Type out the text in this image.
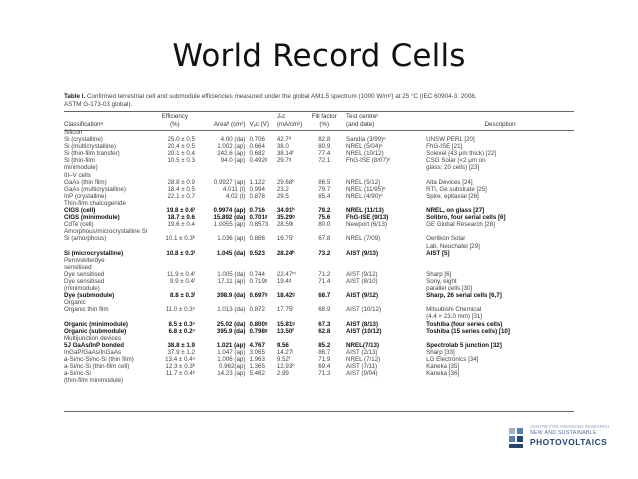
World Record Cells
Table I. Confirmed terrestrial cell and submodule efficiencies measured under the global AM1.5 spectrum (1000 W/m²) at 25 °C (IEC 60904-3: 2008, ASTM G-173-03 global).
	Efficiency			Jₛc	Fill factor	Test centreᶜ	
Classificationᵃ	(%)	Areaᵇ (cm²)	Vₒc (V)	(mA/cm²)	(%)	(and date)	Description
Silicon							
Si (crystalline)	25.0 ± 0.5	4.00 (da)	0.706	42.7ᵈ	82.8	Sandia (3/99)ᵉ	UNSW PERL [20]
Si (multicrystalline)	20.4 ± 0.5	1.002 (ap)	0.664	38.0	80.9	NREL (5/04)ᵉ	FhG-ISE [21]
Si (thin-film transfer)	20.1 ± 0.4	242.6 (ap)	0.682	38.14ᶠ	77.4	NREL (10/12)	Solexel (43 μm thick) [22]
Si (thin-film	10.5 ± 0.3	94.0 (ap)	0.492ᵍ	29.7ᵍ	72.1	FhG-ISE (8/07)ᵉ	CSG Solar (<2 μm on
minimodule)							glass; 20 cells) [23]
III–V cells							
GaAs (thin film)	28.8 ± 0.9	0.9927 (ap)	1.122	29.68ʰ	86.5	NREL (5/12)	Alta Devices [24]
GaAs (multicrystalline)	18.4 ± 0.5	4.011 (t)	0.994	23.2	79.7	NREL (11/95)ᵉ	RTI, Ge substrate [25]
InP (crystalline)	22.1 ± 0.7	4.02 (t)	0.878	29.5	85.4	NREL (4/90)ᵉ	Spire, epitaxial [26]
Thin-film chalcogenide							
CIGS (cell)	19.8 ± 0.6ⁱ	0.9974 (ap)	0.716	34.91ʰ	79.2	NREL (11/13)	NREL, on glass [27]
CIGS (minimodule)	18.7 ± 0.6	15.892 (da)	0.701ᵍ	35.29ᵍ	75.6	FhG-ISE (9/13)	Solibro, four serial cells [6]
CdTe (cell)	19.6 ± 0.4	1.0055 (ap)	0.8573	28.59ʲ	80.0	Newport (6/13)	GE Global Research [28]
Amorphous/microcrystalline Si							
Si (amorphous)	10.1 ± 0.3ᵏ	1.036 (ap)	0.886	16.75ᶠ	67.8	NREL (7/09)	Oerlikon Solar
							Lab, Neuchatel [29]
Si (microcrystalline)	10.8 ± 0.3ⁱ	1.045 (da)	0.523	28.24ʰ	73.2	AIST (9/13)	AIST [5]
Perovskite/dye							
sensitised							
Dye sensitised	11.9 ± 0.4ˡ	1.005 (da)	0.744	22.47ᵐ	71.2	AIST (9/12)	Sharp [6]
Dye sensitised	9.9 ± 0.4ˡ	17.11 (ap)	0.719ᵍ	19.4ᵍ	71.4	AIST (8/10)	Sony, eight
(minimodule)							parallel cells [30]
Dye (submodule)	8.8 ± 0.3ˡ	398.9 (da)	0.697ᵍ	18.42ᵍ	68.7	AIST (9/12)	Sharp, 26 serial cells [6,7]
Organic							
Organic thin film	11.0 ± 0.3ⁿ	1.013 (da)	0.872	17.75ᶠ	68.9	AIST (10/12)	Mitsubishi Chemical
							(4.4 × 23.0 mm) [31]
Organic (minimodule)	8.5 ± 0.3ⁿ	25.02 (da)	0.800ᵍ	15.81ᵍ	67.3	AIST (8/13)	Toshiba (four series cells)
Organic (submodule)	6.8 ± 0.2ⁿ	395.9 (da)	0.798ᵍ	13.50ᶠ	62.8	AIST (10/12)	Toshiba (15 series cells) [10]
Multijunction devices							
5J GaAs/InP bonded	38.8 ± 1.9	1.021 (ap)	4.767	9.56	85.2	NREL(7/13)	Spectrolab 5 junction [32]
InGaP/GaAs/InGaAs	37.9 ± 1.2	1.047 (ap)	3.065	14.27ʲ	86.7	AIST (2/13)	Sharp [33]
a-Si/nc-Si/nc-Si (thin film)	13.4 ± 0.4ᵒ	1.006 (ap)	1.963	9.52ᶠ	71.9	NREL (7/12)	LG Electronics [34]
a-Si/nc-Si (thin-film cell)	12.3 ± 0.3ᵏ	0.962(ap)	1.365	12.93ʰ	69.4	AIST (7/11)	Kaneka [35]
a-Si/nc-Si	11.7 ± 0.4ᵏ	14.23 (ap)	5.462	2.99	71.3	AIST (9/04)	Kaneka [36]
(thin-film minimodule)							
CENTRE FOR ADVANCED RESEARCH
NEW AND SUSTAINABLE
PHOTOVOLTAICS
